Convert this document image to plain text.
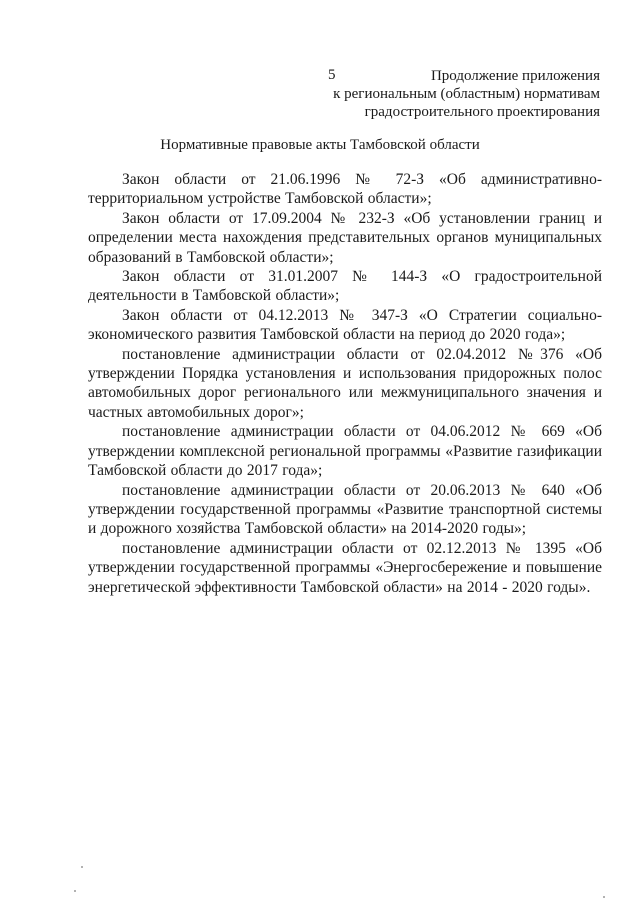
5	Продолжение приложения
к региональным (областным) нормативам
градостроительного проектирования
Нормативные правовые акты Тамбовской области

Закон области от 21.06.1996 № 72-З «Об административно-территориальном устройстве Тамбовской области»;

Закон области от 17.09.2004 № 232-З «Об установлении границ и определении места нахождения представительных органов муниципальных образований в Тамбовской области»;

Закон области от 31.01.2007 № 144-З «О градостроительной деятельности в Тамбовской области»;

Закон области от 04.12.2013 № 347-З «О Стратегии социально-экономического развития Тамбовской области на период до 2020 года»;

постановление администрации области от 02.04.2012 №376 «Об утверждении Порядка установления и использования придорожных полос автомобильных дорог регионального или межмуниципального значения и частных автомобильных дорог»;

постановление администрации области от 04.06.2012 № 669 «Об утверждении комплексной региональной программы «Развитие газификации Тамбовской области до 2017 года»;

постановление администрации области от 20.06.2013 № 640 «Об утверждении государственной программы «Развитие транспортной системы и дорожного хозяйства Тамбовской области» на 2014-2020 годы»;

постановление администрации области от 02.12.2013 № 1395 «Об утверждении государственной программы «Энергосбережение и повышение энергетической эффективности Тамбовской области» на 2014 - 2020 годы».
